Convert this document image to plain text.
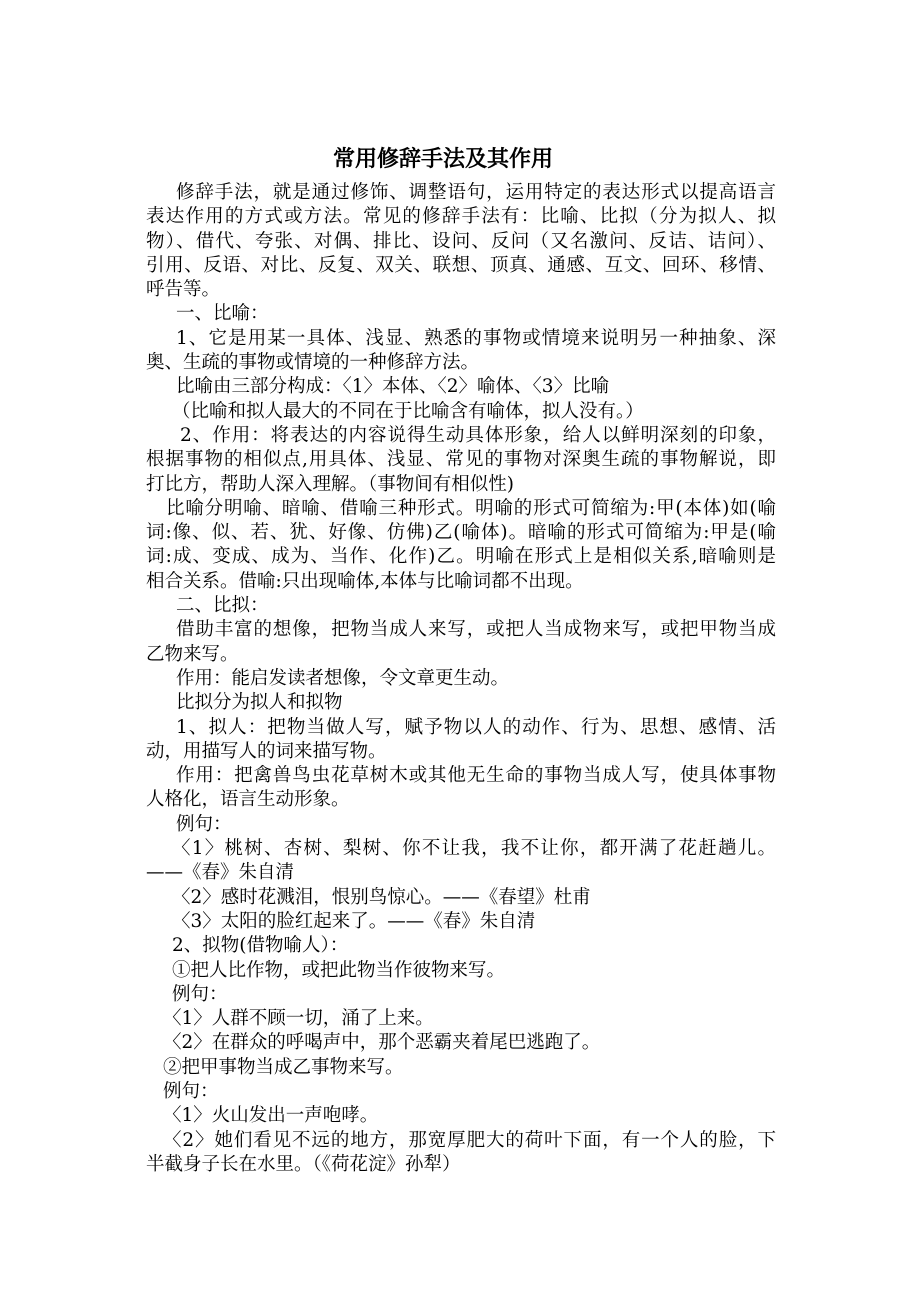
常用修辞手法及其作用
修辞手法，就是通过修饰、调整语句，运用特定的表达形式以提高语言
表达作用的方式或方法。常见的修辞手法有：比喻、比拟（分为拟人、拟
物）、借代、夸张、对偶、排比、设问、反问（又名激问、反诘、诘问）、
引用、反语、对比、反复、双关、联想、顶真、通感、互文、回环、移情、
呼告等。
一、比喻：
1、它是用某一具体、浅显、熟悉的事物或情境来说明另一种抽象、深
奥、生疏的事物或情境的一种修辞方法。
比喻由三部分构成：〈1〉本体、〈2〉喻体、〈3〉比喻
（比喻和拟人最大的不同在于比喻含有喻体，拟人没有。）
2、作用：将表达的内容说得生动具体形象，给人以鲜明深刻的印象，
根据事物的相似点,用具体、浅显、常见的事物对深奥生疏的事物解说，即
打比方，帮助人深入理解。（事物间有相似性)
比喻分明喻、暗喻、借喻三种形式。明喻的形式可简缩为:甲(本体)如(喻
词:像、似、若、犹、好像、仿佛)乙(喻体)。暗喻的形式可简缩为:甲是(喻
词:成、变成、成为、当作、化作)乙。明喻在形式上是相似关系,暗喻则是
相合关系。借喻:只出现喻体,本体与比喻词都不出现。
二、比拟：
借助丰富的想像，把物当成人来写，或把人当成物来写，或把甲物当成
乙物来写。
作用：能启发读者想像，令文章更生动。
比拟分为拟人和拟物
1、拟人：把物当做人写，赋予物以人的动作、行为、思想、感情、活
动，用描写人的词来描写物。
作用：把禽兽鸟虫花草树木或其他无生命的事物当成人写，使具体事物
人格化，语言生动形象。
例句：
〈1〉桃树、杏树、梨树、你不让我，我不让你，都开满了花赶趟儿。
——《春》朱自清
〈2〉感时花溅泪，恨别鸟惊心。——《春望》杜甫
〈3〉太阳的脸红起来了。——《春》朱自清
2、拟物(借物喻人）：
①把人比作物，或把此物当作彼物来写。
例句：
〈1〉人群不顾一切，涌了上来。
〈2〉在群众的呼喝声中，那个恶霸夹着尾巴逃跑了。
②把甲事物当成乙事物来写。
例句：
〈1〉火山发出一声咆哮。
〈2〉她们看见不远的地方，那宽厚肥大的荷叶下面，有一个人的脸，下
半截身子长在水里。（《荷花淀》孙犁）
